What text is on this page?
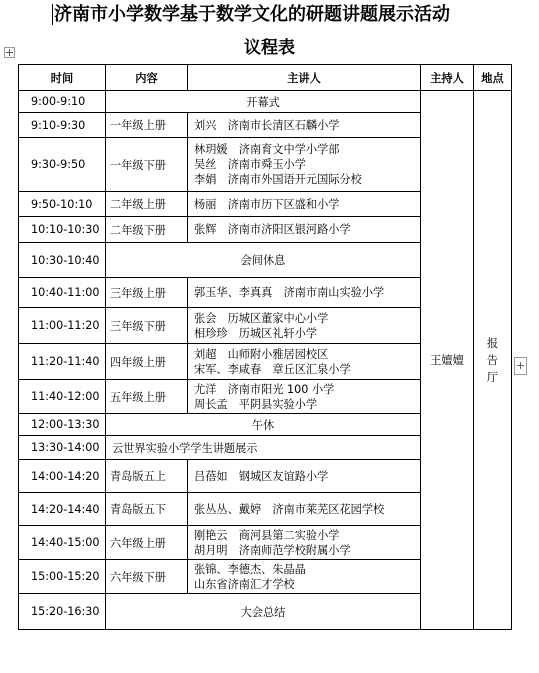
济南市小学数学基于数学文化的研题讲题展示活动
议程表
+
时间	内容	主讲人	主持人	地点
9:00-9:10	开幕式		王嬗嬗	报
告
厅

9:10-9:30	一年级上册	刘兴　济南市长清区石麟小学		

9:30-9:50	一年级下册	林玥媛　济南育文中学小学部
吴丝　济南市舜玉小学
李娟　济南市外国语开元国际分校		

9:50-10:10	二年级上册	杨丽　济南市历下区盛和小学		

10:10-10:30	二年级下册	张辉　济南市济阳区银河路小学		

10:30-10:40	会间休息			
10:40-11:00	三年级上册	郭玉华、李真真　济南市南山实验小学		

11:00-11:20	三年级下册	张会　历城区董家中心小学
相珍珍　历城区礼轩小学		

11:20-11:40	四年级上册	刘超　山师附小雅居园校区
宋军、李咸春　章丘区汇泉小学		

11:40-12:00	五年级上册	尤洋　济南市阳光 100 小学
周长孟　平阴县实验小学		

12:00-13:30	午休			
13:30-14:00	云世界实验小学学生讲题展示			
14:00-14:20	青岛版五上	吕蓓如　钢城区友谊路小学		

14:20-14:40	青岛版五下	张丛丛、戴婷　济南市莱芜区花园学校		

14:40-15:00	六年级上册	刚艳云　商河县第二实验小学
胡月明　济南师范学校附属小学		

15:00-15:20	六年级下册	张锦、李德杰、朱晶晶
山东省济南汇才学校		

15:20-16:30	大会总结			
